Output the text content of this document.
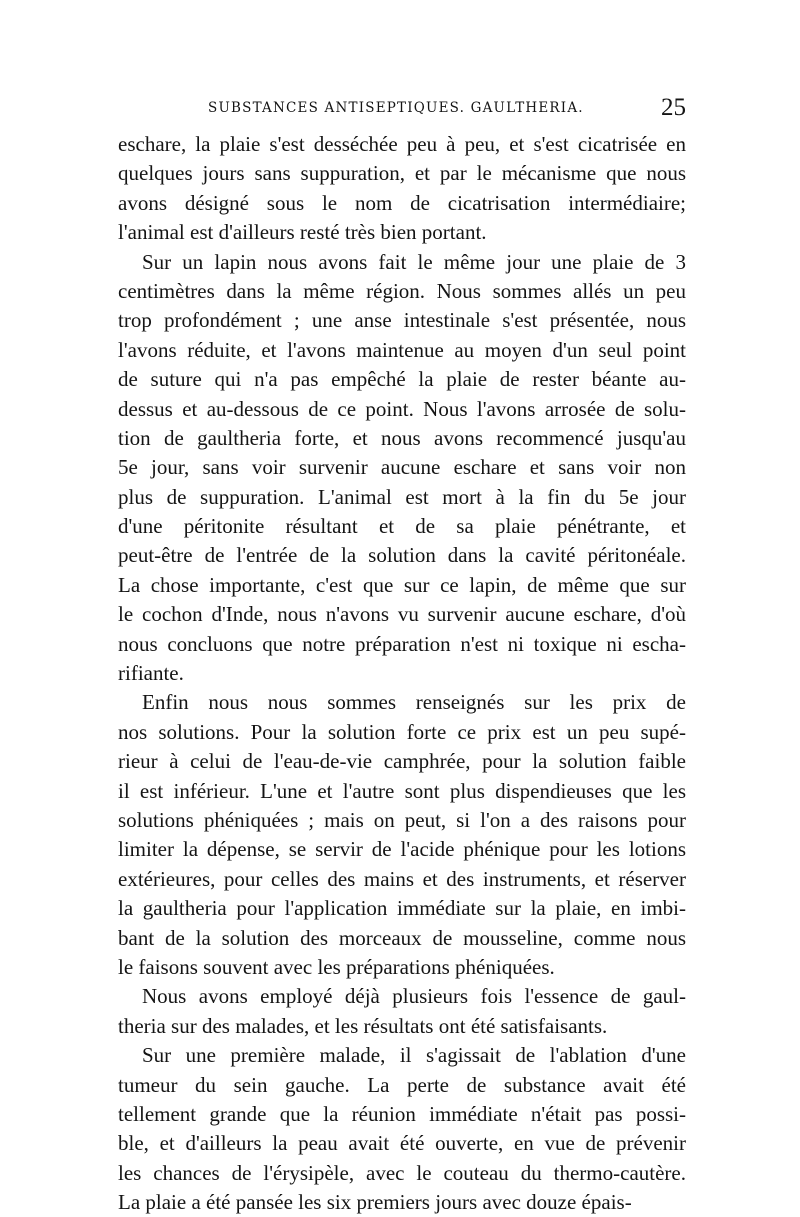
SUBSTANCES ANTISEPTIQUES. GAULTHERIA.	25
eschare, la plaie s'est desséchée peu à peu, et s'est cicatrisée en
quelques jours sans suppuration, et par le mécanisme que nous
avons désigné sous le nom de cicatrisation intermédiaire;
l'animal est d'ailleurs resté très bien portant.
Sur un lapin nous avons fait le même jour une plaie de 3
centimètres dans la même région. Nous sommes allés un peu
trop profondément ; une anse intestinale s'est présentée, nous
l'avons réduite, et l'avons maintenue au moyen d'un seul point
de suture qui n'a pas empêché la plaie de rester béante au-
dessus et au-dessous de ce point. Nous l'avons arrosée de solu-
tion de gaultheria forte, et nous avons recommencé jusqu'au
5e jour, sans voir survenir aucune eschare et sans voir non
plus de suppuration. L'animal est mort à la fin du 5e jour
d'une péritonite résultant et de sa plaie pénétrante, et
peut-être de l'entrée de la solution dans la cavité péritonéale.
La chose importante, c'est que sur ce lapin, de même que sur
le cochon d'Inde, nous n'avons vu survenir aucune eschare, d'où
nous concluons que notre préparation n'est ni toxique ni escha-
rifiante.
Enfin nous nous sommes renseignés sur les prix de
nos solutions. Pour la solution forte ce prix est un peu supé-
rieur à celui de l'eau-de-vie camphrée, pour la solution faible
il est inférieur. L'une et l'autre sont plus dispendieuses que les
solutions phéniquées ; mais on peut, si l'on a des raisons pour
limiter la dépense, se servir de l'acide phénique pour les lotions
extérieures, pour celles des mains et des instruments, et réserver
la gaultheria pour l'application immédiate sur la plaie, en imbi-
bant de la solution des morceaux de mousseline, comme nous
le faisons souvent avec les préparations phéniquées.
Nous avons employé déjà plusieurs fois l'essence de gaul-
theria sur des malades, et les résultats ont été satisfaisants.
Sur une première malade, il s'agissait de l'ablation d'une
tumeur du sein gauche. La perte de substance avait été
tellement grande que la réunion immédiate n'était pas possi-
ble, et d'ailleurs la peau avait été ouverte, en vue de prévenir
les chances de l'érysipèle, avec le couteau du thermo-cautère.
La plaie a été pansée les six premiers jours avec douze épais-
